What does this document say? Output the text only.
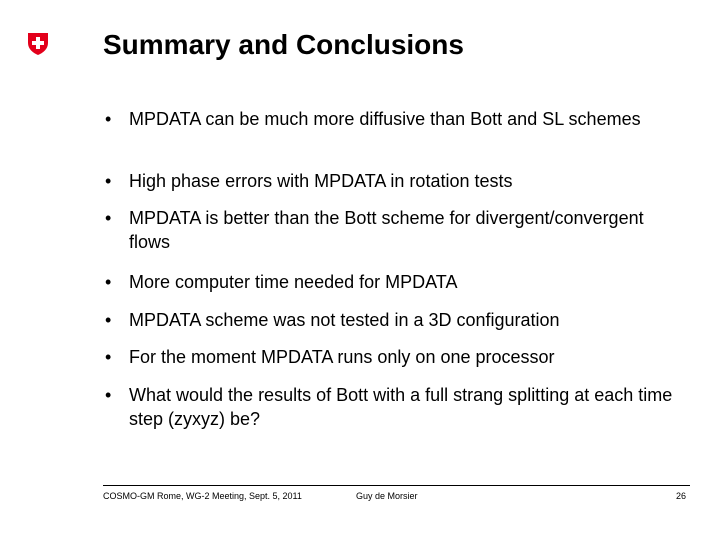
Summary and Conclusions
• MPDATA can be much more diffusive than Bott and SL schemes
• High phase errors with MPDATA in rotation tests
• MPDATA is better than the Bott scheme for divergent/convergent flows
• More computer time needed for MPDATA
• MPDATA scheme was not tested in a 3D configuration
• For the moment MPDATA runs only on one processor
• What would the results of Bott with a full strang splitting at each time step (zyxyz) be?
COSMO-GM Rome, WG-2 Meeting, Sept. 5, 2011	Guy de Morsier	26
